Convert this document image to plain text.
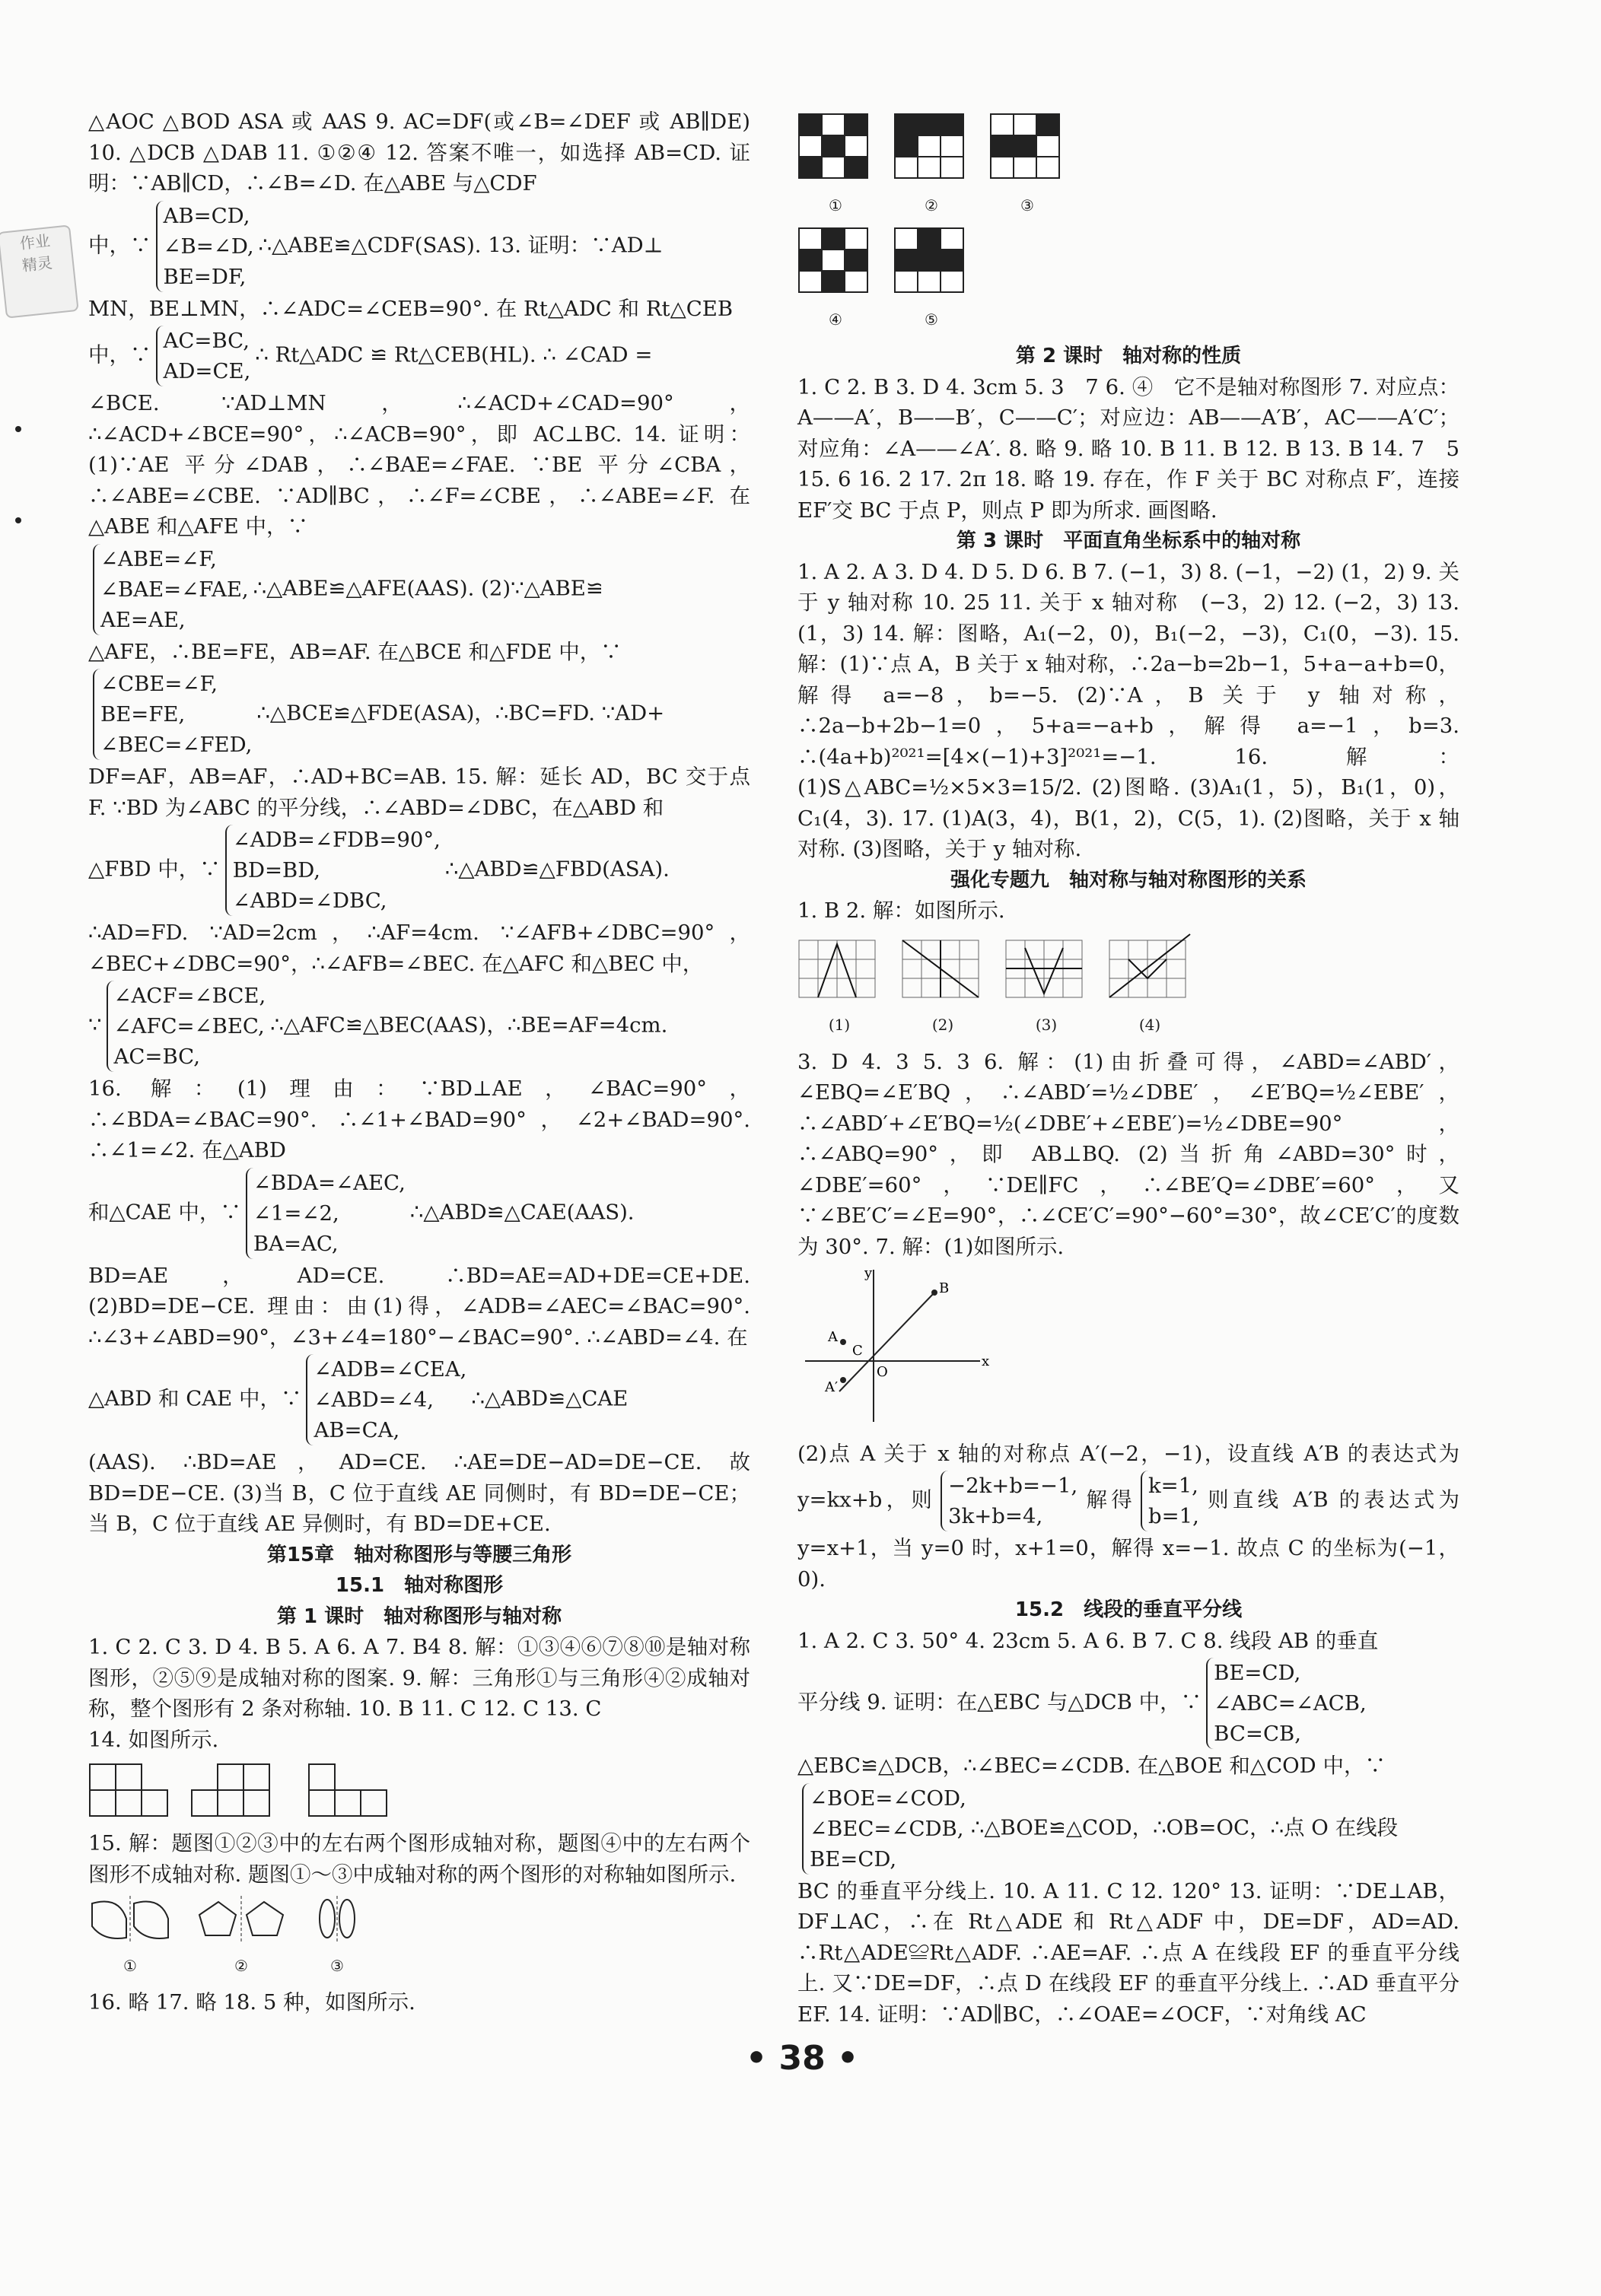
作业
精灵

△AOC △BOD ASA 或 AAS 9. AC=DF(或∠B=∠DEF 或 AB∥DE) 10. △DCB △DAB 11. ①②④ 12. 答案不唯一，如选择 AB=CD. 证明：∵AB∥CD，∴∠B=∠D. 在△ABE 与△CDF

中，∵AB=CD,
∠B=∠D,
BE=DF,∴△ABE≌△CDF(SAS). 13. 证明：∵AD⊥

MN，BE⊥MN，∴∠ADC=∠CEB=90°. 在 Rt△ADC 和 Rt△CEB

中，∵AC=BC,
AD=CE,∴ Rt△ADC ≌ Rt△CEB(HL). ∴ ∠CAD =

∠BCE. ∵AD⊥MN，∴∠ACD+∠CAD=90°，∴∠ACD+∠BCE=90°，∴∠ACB=90°，即 AC⊥BC. 14. 证明：(1)∵AE 平分∠DAB，∴∠BAE=∠FAE. ∵BE 平分∠CBA，∴∠ABE=∠CBE. ∵AD∥BC，∴∠F=∠CBE，∴∠ABE=∠F. 在△ABE 和△AFE 中，∵

∠ABE=∠F,
∠BAE=∠FAE,
AE=AE,∴△ABE≌△AFE(AAS). (2)∵△ABE≌

△AFE，∴BE=FE，AB=AF. 在△BCE 和△FDE 中，∵

∠CBE=∠F,
BE=FE,
∠BEC=∠FED,∴△BCE≌△FDE(ASA)，∴BC=FD. ∵AD+

DF=AF，AB=AF，∴AD+BC=AB. 15. 解：延长 AD，BC 交于点 F. ∵BD 为∠ABC 的平分线，∴∠ABD=∠DBC，在△ABD 和

△FBD 中，∵∠ADB=∠FDB=90°,
BD=BD,
∠ABD=∠DBC,∴△ABD≌△FBD(ASA).

∴AD=FD. ∵AD=2cm，∴AF=4cm. ∵∠AFB+∠DBC=90°，∠BEC+∠DBC=90°，∴∠AFB=∠BEC. 在△AFC 和△BEC 中，

∵∠ACF=∠BCE,
∠AFC=∠BEC,
AC=BC,∴△AFC≌△BEC(AAS)，∴BE=AF=4cm.

16. 解：(1)理由：∵BD⊥AE，∠BAC=90°，∴∠BDA=∠BAC=90°. ∴∠1+∠BAD=90°，∠2+∠BAD=90°. ∴∠1=∠2. 在△ABD

和△CAE 中，∵∠BDA=∠AEC,
∠1=∠2,
BA=AC,∴△ABD≌△CAE(AAS).

BD=AE，AD=CE. ∴BD=AE=AD+DE=CE+DE. (2)BD=DE−CE. 理由：由(1)得，∠ADB=∠AEC=∠BAC=90°. ∴∠3+∠ABD=90°，∠3+∠4=180°−∠BAC=90°. ∴∠ABD=∠4. 在

△ABD 和 CAE 中，∵∠ADB=∠CEA,
∠ABD=∠4,
AB=CA,∴△ABD≌△CAE

(AAS). ∴BD=AE，AD=CE. ∴AE=DE−AD=DE−CE. 故 BD=DE−CE. (3)当 B，C 位于直线 AE 同侧时，有 BD=DE−CE；当 B，C 位于直线 AE 异侧时，有 BD=DE+CE.

第15章　轴对称图形与等腰三角形

15.1　轴对称图形

第 1 课时　轴对称图形与轴对称

1. C 2. C 3. D 4. B 5. A 6. A 7. B4 8. 解：①③④⑥⑦⑧⑩是轴对称图形，②⑤⑨是成轴对称的图案. 9. 解：三角形①与三角形④②成轴对称，整个图形有 2 条对称轴. 10. B 11. C 12. C 13. C

14. 如图所示.

15. 解：题图①②③中的左右两个图形成轴对称，题图④中的左右两个图形不成轴对称. 题图①～③中成轴对称的两个图形的对称轴如图所示.

①	②	③

16. 略 17. 略 18. 5 种，如图所示.

①	②	③
④	⑤

第 2 课时　轴对称的性质

1. C 2. B 3. D 4. 3cm 5. 3　7 6. ④　它不是轴对称图形 7. 对应点：A——A′，B——B′，C——C′；对应边：AB——A′B′，AC——A′C′；对应角：∠A——∠A′. 8. 略 9. 略 10. B 11. B 12. B 13. B 14. 7　5 15. 6 16. 2 17. 2π 18. 略 19. 存在，作 F 关于 BC 对称点 F′，连接 EF′交 BC 于点 P，则点 P 即为所求. 画图略.

第 3 课时　平面直角坐标系中的轴对称

1. A 2. A 3. D 4. D 5. D 6. B 7. (−1，3) 8. (−1，−2) (1，2) 9. 关于 y 轴对称 10. 25 11. 关于 x 轴对称　(−3，2) 12. (−2，3) 13. (1，3) 14. 解：图略，A₁(−2，0)，B₁(−2，−3)，C₁(0，−3). 15. 解：(1)∵点 A，B 关于 x 轴对称，∴2a−b=2b−1，5+a−a+b=0，解得 a=−8，b=−5. (2)∵A，B 关于 y 轴对称，∴2a−b+2b−1=0，5+a=−a+b，解得 a=−1，b=3. ∴(4a+b)²⁰²¹=[4×(−1)+3]²⁰²¹=−1. 16. 解：(1)S△ABC=½×5×3=15/2. (2)图略. (3)A₁(1，5)，B₁(1，0)，C₁(4，3). 17. (1)A(3，4)，B(1，2)，C(5，1). (2)图略，关于 x 轴对称. (3)图略，关于 y 轴对称.

强化专题九　轴对称与轴对称图形的关系

1. B 2. 解：如图所示.

(1)	(2)	(3)	(4)

3. D 4. 3 5. 3 6. 解：(1)由折叠可得，∠ABD=∠ABD′，∠EBQ=∠E′BQ，∴∠ABD′=½∠DBE′，∠E′BQ=½∠EBE′，∴∠ABD′+∠E′BQ=½(∠DBE′+∠EBE′)=½∠DBE=90°，∴∠ABQ=90°，即 AB⊥BQ. (2)当折角∠ABD=30°时，∠DBE′=60°，∵DE∥FC，∴∠BE′Q=∠DBE′=60°，又∵∠BE′C′=∠E=90°，∴∠CE′C′=90°−60°=30°，故∠CE′C′的度数为 30°. 7. 解：(1)如图所示.

y
x
O
A
B
C
A′

(2)点 A 关于 x 轴的对称点 A′(−2，−1)，设直线 A′B 的表达式为 y=kx+b，则−2k+b=−1,
3k+b=4,解得k=1,
b=1,则直线 A′B 的表达式为 y=x+1，当 y=0 时，x+1=0，解得 x=−1. 故点 C 的坐标为(−1，0).

15.2　线段的垂直平分线

1. A 2. C 3. 50° 4. 23cm 5. A 6. B 7. C 8. 线段 AB 的垂直

平分线 9. 证明：在△EBC 与△DCB 中，∵BE=CD,
∠ABC=∠ACB,
BC=CB,

△EBC≌△DCB，∴∠BEC=∠CDB. 在△BOE 和△COD 中，∵

∠BOE=∠COD,
∠BEC=∠CDB,
BE=CD,∴△BOE≌△COD，∴OB=OC，∴点 O 在线段

BC 的垂直平分线上. 10. A 11. C 12. 120° 13. 证明：∵DE⊥AB，DF⊥AC，∴在 Rt△ADE 和 Rt△ADF 中，DE=DF，AD=AD. ∴Rt△ADE≌Rt△ADF. ∴AE=AF. ∴点 A 在线段 EF 的垂直平分线上. 又∵DE=DF，∴点 D 在线段 EF 的垂直平分线上. ∴AD 垂直平分 EF. 14. 证明：∵AD∥BC，∴∠OAE=∠OCF，∵对角线 AC

• 38 •
